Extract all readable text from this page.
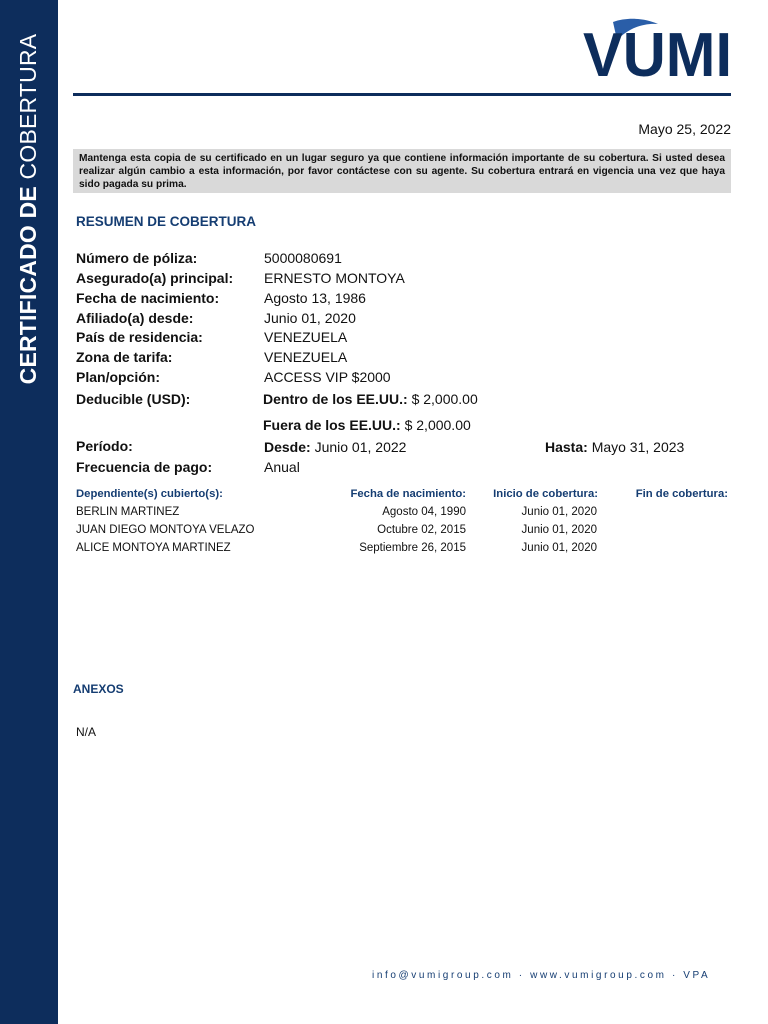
CERTIFICADO DE COBERTURA	VUMI
Mayo 25, 2022
Mantenga esta copia de su certificado en un lugar seguro ya que contiene información importante de su cobertura. Si usted desea realizar algún cambio a esta información, por favor contáctese con su agente. Su cobertura entrará en vigencia una vez que haya sido pagada su prima.
RESUMEN DE COBERTURA
Número de póliza:	5000080691
Asegurado(a) principal: ERNESTO MONTOYA
Fecha de nacimiento:	Agosto 13, 1986
Afiliado(a) desde:	Junio 01, 2020
País de residencia:	VENEZUELA
Zona de tarifa:	VENEZUELA
Plan/opción:	ACCESS VIP $2000
Deducible (USD):	Dentro de los EE.UU.: $ 2,000.00
Fuera de los EE.UU.: $ 2,000.00
Período:	Desde: Junio 01, 2022	Hasta: Mayo 31, 2023
Frecuencia de pago:	Anual
Dependiente(s) cubierto(s):	Fecha de nacimiento:	Inicio de cobertura:	Fin de cobertura:
BERLIN MARTINEZ	Agosto 04, 1990	Junio 01, 2020
JUAN DIEGO MONTOYA VELAZO	Octubre 02, 2015	Junio 01, 2020
ALICE MONTOYA MARTINEZ	Septiembre 26, 2015	Junio 01, 2020
ANEXOS
N/A
info@vumigroup.com · www.vumigroup.com · VPA
